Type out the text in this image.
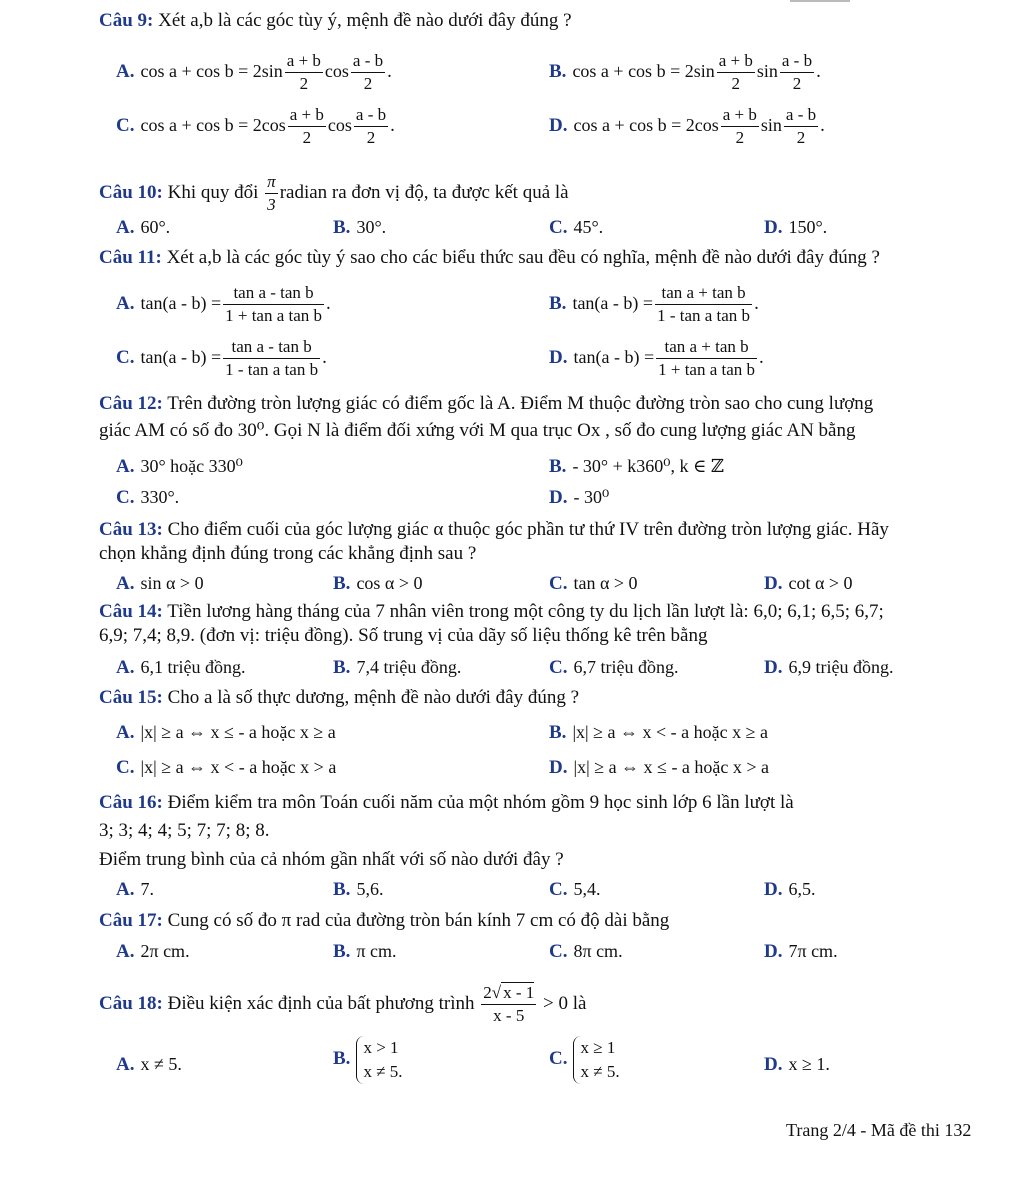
Câu 9: Xét a,b là các góc tùy ý, mệnh đề nào dưới đây đúng ?
A. $\cos a + \cos b = 2\sin \frac{a + b}{2}$ $\cos \frac{a - b}{2}$ .	B. $\cos a + \cos b = 2\sin \frac{a + b}{2}$ $\sin \frac{a - b}{2}$ .
C. $\cos a + \cos b = 2\cos \frac{a + b}{2}$ $\cos \frac{a - b}{2}$ .	D. $\cos a + \cos b = 2\cos \frac{a + b}{2}$ $\sin \frac{a - b}{2}$ .
Câu 10: Khi quy đổi $\frac{\pi}{3}$ radian ra đơn vị độ, ta được kết quả là
A. 60°.	B. 30°.	C. 45°.	D. 150°.
Câu 11: Xét a,b là các góc tùy ý sao cho các biểu thức sau đều có nghĩa, mệnh đề nào dưới đây đúng ?
A. $\tan(a - b) = \frac{\text{tan a - tan b}}{\text{1 + tan a tan b}}$ .	B. $\tan(a - b) = \frac{\text{tan a + tan b}}{\text{1 - tan a tan b}}$ .
C. $\tan(a - b) = \frac{\text{tan a - tan b}}{\text{1 - tan a tan b}}$ .	D. $\tan(a - b) = \frac{\text{tan a + tan b}}{\text{1 + tan a tan b}}$ .
Câu 12: Trên đường tròn lượng giác có điểm gốc là A. Điểm M thuộc đường tròn sao cho cung lượng
giác AM có số đo 30⁰. Gọi N là điểm đối xứng với M qua trục Ox , số đo cung lượng giác AN bằng
A. 30° hoặc 330⁰	B. - 30° + k360⁰, k ∈ ℤ
C. 330°.	D. - 30⁰
Câu 13: Cho điểm cuối của góc lượng giác α thuộc góc phần tư thứ IV trên đường tròn lượng giác. Hãy
chọn khẳng định đúng trong các khẳng định sau ?
A. sin α > 0	B. cos α > 0	C. tan α > 0	D. cot α > 0
Câu 14: Tiền lương hàng tháng của 7 nhân viên trong một công ty du lịch lần lượt là: 6,0; 6,1; 6,5; 6,7;
6,9; 7,4; 8,9. (đơn vị: triệu đồng). Số trung vị của dãy số liệu thống kê trên bằng
A. 6,1 triệu đồng.	B. 7,4 triệu đồng.	C. 6,7 triệu đồng.	D. 6,9 triệu đồng.
Câu 15: Cho a là số thực dương, mệnh đề nào dưới đây đúng ?
A. |x| ≥ a ⇔ x ≤ - a hoặc x ≥ a	B. |x| ≥ a ⇔ x < - a hoặc x ≥ a
C. |x| ≥ a ⇔ x < - a hoặc x > a	D. |x| ≥ a ⇔ x ≤ - a hoặc x > a
Câu 16: Điểm kiểm tra môn Toán cuối năm của một nhóm gồm 9 học sinh lớp 6 lần lượt là
3; 3; 4; 4; 5; 7; 7; 8; 8.
Điểm trung bình của cả nhóm gần nhất với số nào dưới đây ?
A. 7.	B. 5,6.	C. 5,4.	D. 6,5.
Câu 17: Cung có số đo π rad của đường tròn bán kính 7 cm có độ dài bằng
A. 2π cm.	B. π cm.	C. 8π cm.	D. 7π cm.
Câu 18: Điều kiện xác định của bất phương trình $\frac{2√ x - 1}{x - 5} > 0$ là
A. x ≠ 5.	B.
x > 1
x ≠ 5.
C.
x ≥ 1
x ≠ 5.	D. x ≥ 1.
Trang 2/4 - Mã đề thi 132
